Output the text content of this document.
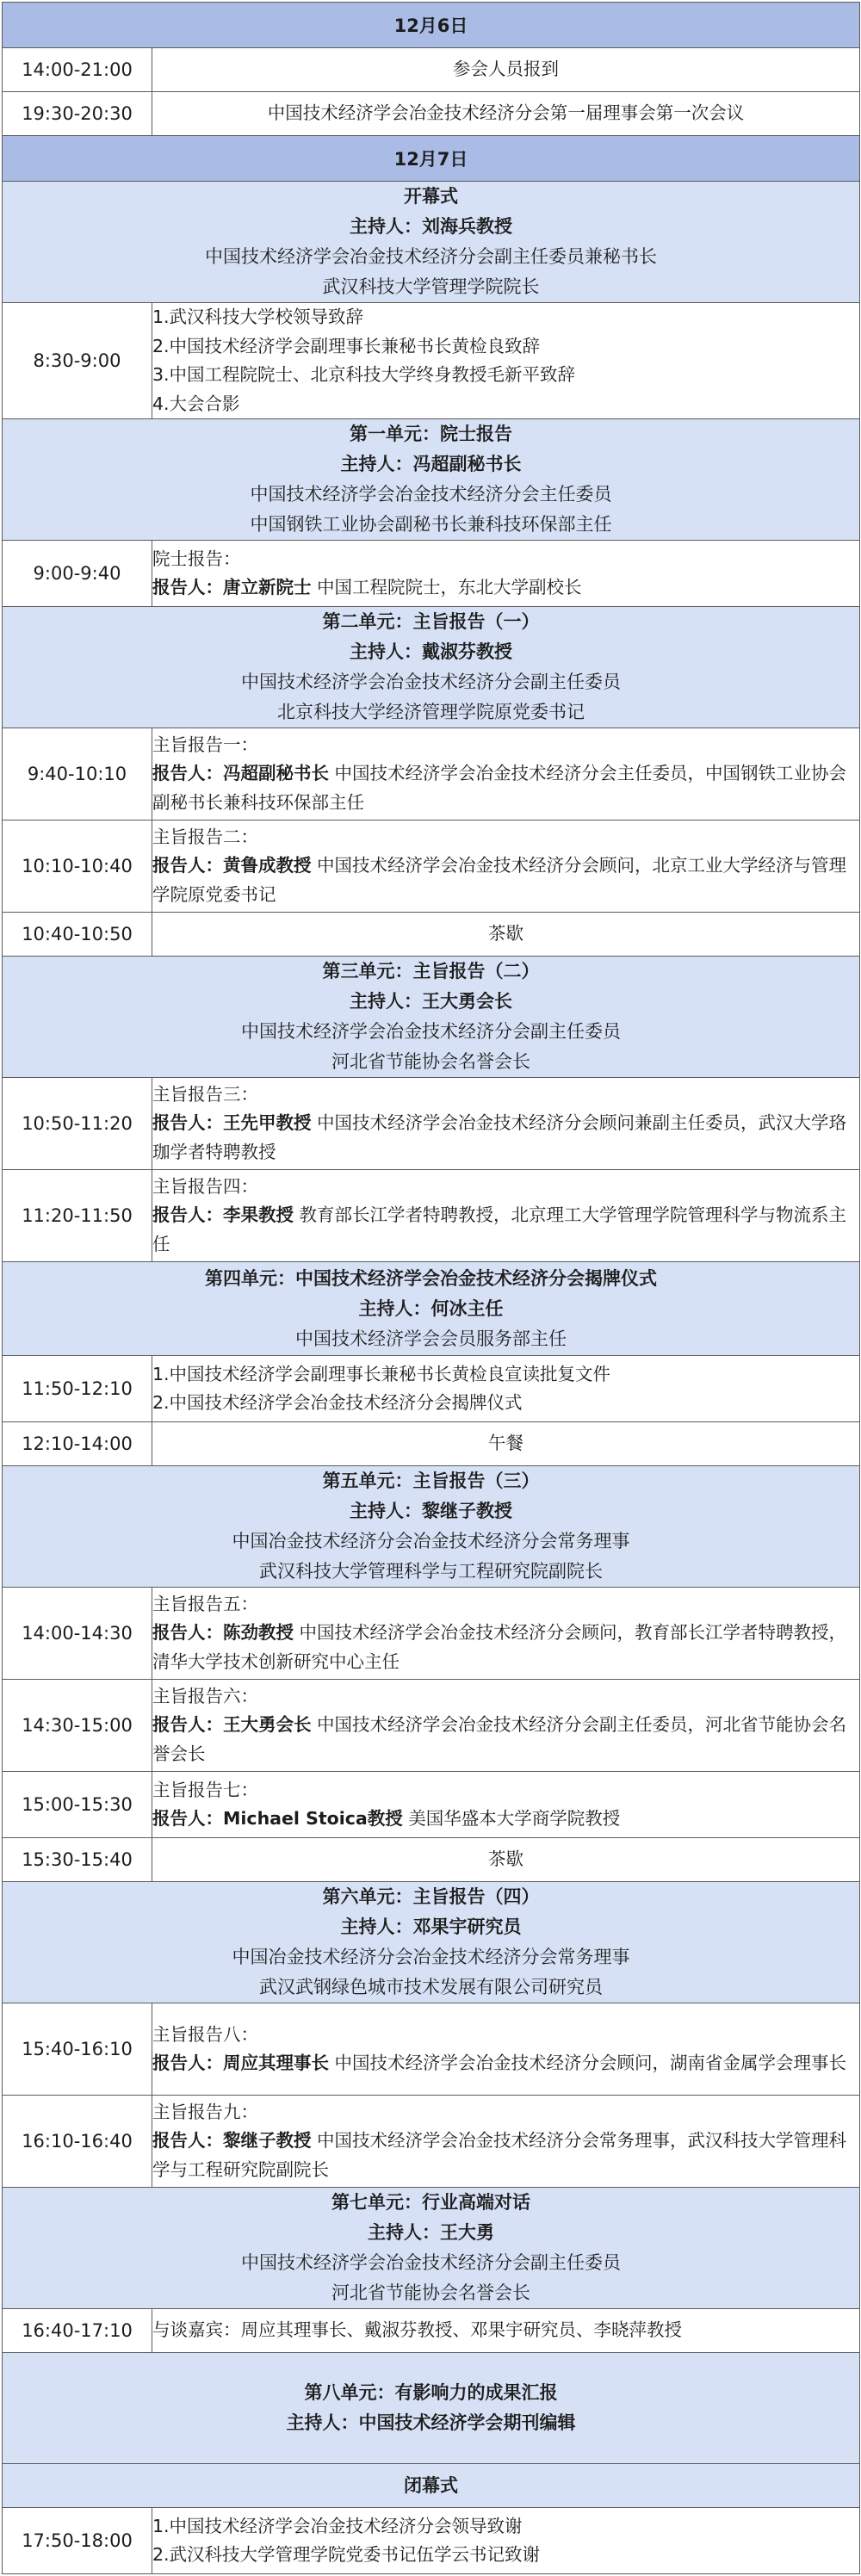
12月6日	
14:00-21:00	参会人员报到
19:30-20:30	中国技术经济学会冶金技术经济分会第一届理事会第一次会议
12月7日	

开幕式
主持人：刘海兵教授
中国技术经济学会冶金技术经济分会副主任委员兼秘书长
武汉科技大学管理学院院长	

8:30-9:00	1.武汉科技大学校领导致辞
2.中国技术经济学会副理事长兼秘书长黄检良致辞
3.中国工程院院士、北京科技大学终身教授毛新平致辞
4.大会合影

第一单元：院士报告
主持人：冯超副秘书长
中国技术经济学会冶金技术经济分会主任委员
中国钢铁工业协会副秘书长兼科技环保部主任	

9:00-9:40	院士报告：
报告人：唐立新院士 中国工程院院士，东北大学副校长

第二单元：主旨报告（一）
主持人：戴淑芬教授
中国技术经济学会冶金技术经济分会副主任委员
北京科技大学经济管理学院原党委书记	

9:40-10:10	主旨报告一：
报告人：冯超副秘书长 中国技术经济学会冶金技术经济分会主任委员，中国钢铁工业协会副秘书长兼科技环保部主任

10:10-10:40	主旨报告二：
报告人：黄鲁成教授 中国技术经济学会冶金技术经济分会顾问，北京工业大学经济与管理学院原党委书记

10:40-10:50	茶歇

第三单元：主旨报告（二）
主持人：王大勇会长
中国技术经济学会冶金技术经济分会副主任委员
河北省节能协会名誉会长	

10:50-11:20	主旨报告三：
报告人：王先甲教授 中国技术经济学会冶金技术经济分会顾问兼副主任委员，武汉大学珞珈学者特聘教授

11:20-11:50	主旨报告四：
报告人：李果教授 教育部长江学者特聘教授，北京理工大学管理学院管理科学与物流系主任

第四单元：中国技术经济学会冶金技术经济分会揭牌仪式
主持人：何冰主任
中国技术经济学会会员服务部主任	

11:50-12:10	1.中国技术经济学会副理事长兼秘书长黄检良宣读批复文件
2.中国技术经济学会冶金技术经济分会揭牌仪式

12:10-14:00	午餐

第五单元：主旨报告（三）
主持人：黎继子教授
中国冶金技术经济分会冶金技术经济分会常务理事
武汉科技大学管理科学与工程研究院副院长	

14:00-14:30	主旨报告五：
报告人：陈劲教授 中国技术经济学会冶金技术经济分会顾问，教育部长江学者特聘教授，清华大学技术创新研究中心主任

14:30-15:00	主旨报告六：
报告人：王大勇会长 中国技术经济学会冶金技术经济分会副主任委员，河北省节能协会名誉会长

15:00-15:30	主旨报告七：
报告人：Michael Stoica教授 美国华盛本大学商学院教授

15:30-15:40	茶歇

第六单元：主旨报告（四）
主持人：邓果宇研究员
中国冶金技术经济分会冶金技术经济分会常务理事
武汉武钢绿色城市技术发展有限公司研究员	

15:40-16:10	主旨报告八：
报告人：周应其理事长 中国技术经济学会冶金技术经济分会顾问，湖南省金属学会理事长

16:10-16:40	主旨报告九：
报告人：黎继子教授 中国技术经济学会冶金技术经济分会常务理事，武汉科技大学管理科学与工程研究院副院长

第七单元：行业高端对话
主持人：王大勇
中国技术经济学会冶金技术经济分会副主任委员
河北省节能协会名誉会长	

16:40-17:10	与谈嘉宾：周应其理事长、戴淑芬教授、邓果宇研究员、李晓萍教授

第八单元：有影响力的成果汇报
主持人：中国技术经济学会期刊编辑	

闭幕式	

17:50-18:00	1.中国技术经济学会冶金技术经济分会领导致谢
2.武汉科技大学管理学院党委书记伍学云书记致谢
